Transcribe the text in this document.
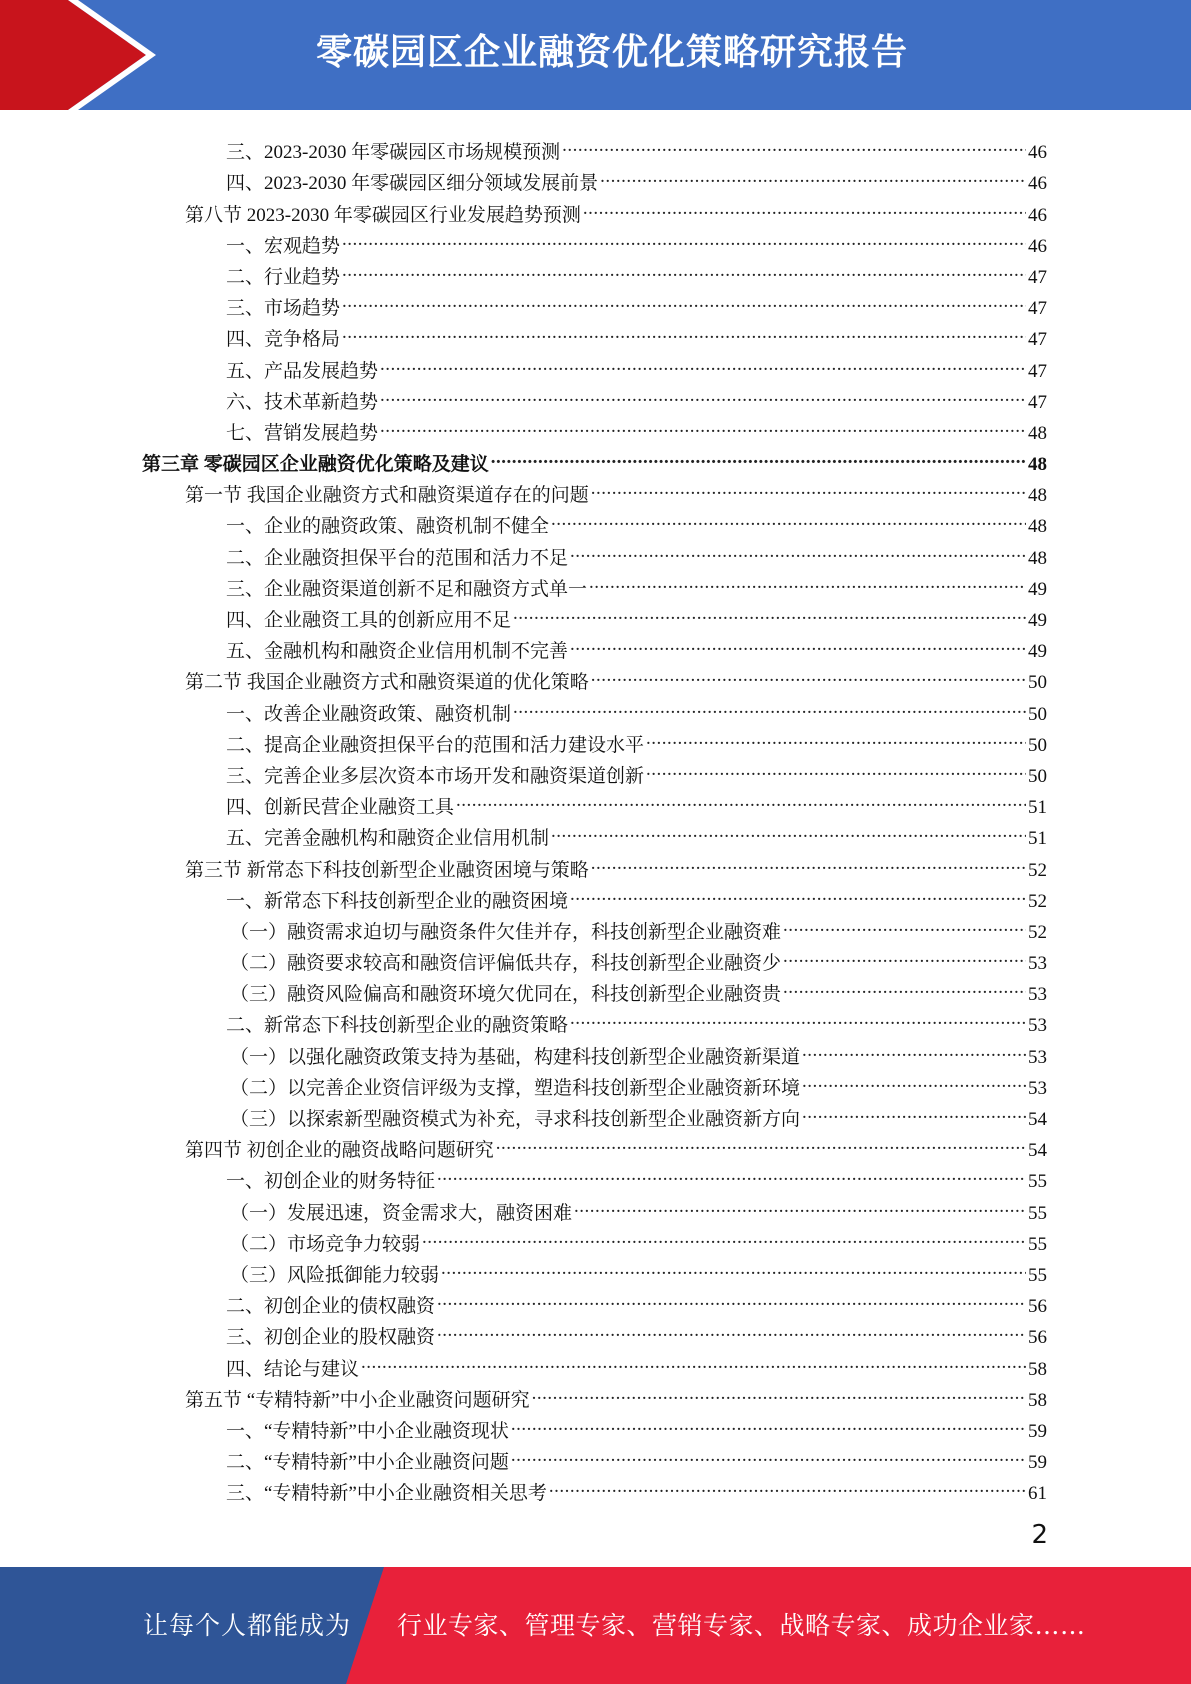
零碳园区企业融资优化策略研究报告
三、2023-2030 年零碳园区市场规模预测 .....	46
四、2023-2030 年零碳园区细分领域发展前景 .....	46
第八节 2023-2030 年零碳园区行业发展趋势预测 .....	46
一、宏观趋势 .....	46
二、行业趋势 .....	47
三、市场趋势 .....	47
四、竞争格局 .....	47
五、产品发展趋势 .....	47
六、技术革新趋势 .....	47
七、营销发展趋势 .....	48
第三章 零碳园区企业融资优化策略及建议 .....	48
第一节 我国企业融资方式和融资渠道存在的问题 .....	48
一、企业的融资政策、融资机制不健全 .....	48
二、企业融资担保平台的范围和活力不足 .....	48
三、企业融资渠道创新不足和融资方式单一 .....	49
四、企业融资工具的创新应用不足 .....	49
五、金融机构和融资企业信用机制不完善 .....	49
第二节 我国企业融资方式和融资渠道的优化策略 .....	50
一、改善企业融资政策、融资机制 .....	50
二、提高企业融资担保平台的范围和活力建设水平 .....	50
三、完善企业多层次资本市场开发和融资渠道创新 .....	50
四、创新民营企业融资工具 .....	51
五、完善金融机构和融资企业信用机制 .....	51
第三节 新常态下科技创新型企业融资困境与策略 .....	52
一、新常态下科技创新型企业的融资困境 .....	52
（一）融资需求迫切与融资条件欠佳并存，科技创新型企业融资难 .....	52
（二）融资要求较高和融资信评偏低共存，科技创新型企业融资少 .....	53
（三）融资风险偏高和融资环境欠优同在，科技创新型企业融资贵 .....	53
二、新常态下科技创新型企业的融资策略 .....	53
（一）以强化融资政策支持为基础，构建科技创新型企业融资新渠道 .....	53
（二）以完善企业资信评级为支撑，塑造科技创新型企业融资新环境 .....	53
（三）以探索新型融资模式为补充，寻求科技创新型企业融资新方向 .....	54
第四节 初创企业的融资战略问题研究 .....	54
一、初创企业的财务特征 .....	55
（一）发展迅速，资金需求大，融资困难 .....	55
（二）市场竞争力较弱 .....	55
（三）风险抵御能力较弱 .....	55
二、初创企业的债权融资 .....	56
三、初创企业的股权融资 .....	56
四、结论与建议 .....	58
第五节 “专精特新”中小企业融资问题研究 .....	58
一、“专精特新”中小企业融资现状 .....	59
二、“专精特新”中小企业融资问题 .....	59
三、“专精特新”中小企业融资相关思考 .....	61
2
让每个人都能成为 行业专家、管理专家、营销专家、战略专家、成功企业家……
